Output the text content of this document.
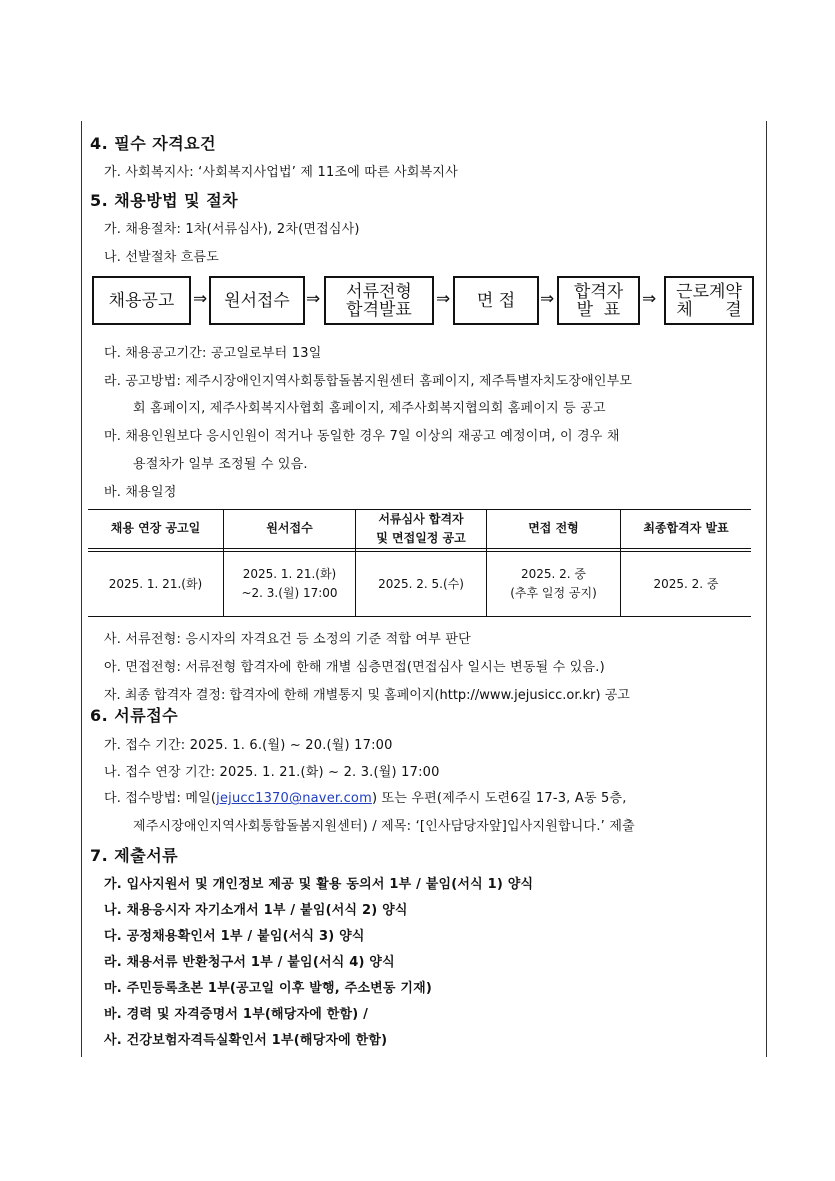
4. 필수 자격요건
가. 사회복지사: ‘사회복지사업법’ 제 11조에 따른 사회복지사
5. 채용방법 및 절차
가. 채용절차: 1차(서류심사), 2차(면접심사)
나. 선발절차 흐름도
채용공고 ⇒ 원서접수 ⇒ 서류전형
합격발표
⇒ 면 접 ⇒ 합격자
발  표
⇒ 근로계약
체      결
다. 채용공고기간: 공고일로부터 13일
라. 공고방법: 제주시장애인지역사회통합돌봄지원센터 홈페이지, 제주특별자치도장애인부모
회 홈페이지, 제주사회복지사협회 홈페이지, 제주사회복지협의회 홈페이지 등 공고
마. 채용인원보다 응시인원이 적거나 동일한 경우 7일 이상의 재공고 예정이며, 이 경우 채
용절차가 일부 조정될 수 있음.
바. 채용일정
채용 연장 공고일	원서접수
서류심사 합격자
및 면접일정 공고
면접 전형	최종합격자 발표
2025. 1. 21.(화)
2025. 1. 21.(화)
~2. 3.(월) 17:00
2025. 2. 5.(수)
2025. 2. 중
(추후 일정 공지)
2025. 2. 중
사. 서류전형: 응시자의 자격요건 등 소정의 기준 적합 여부 판단
아. 면접전형: 서류전형 합격자에 한해 개별 심층면접(면접심사 일시는 변동될 수 있음.)
자. 최종 합격자 결정: 합격자에 한해 개별통지 및 홈페이지(http://www.jejusicc.or.kr) 공고
6. 서류접수
가. 접수 기간: 2025. 1. 6.(월) ~ 20.(월) 17:00
나. 접수 연장 기간: 2025. 1. 21.(화) ~ 2. 3.(월) 17:00
다. 접수방법: 메일(jejucc1370@naver.com) 또는 우편(제주시 도련6길 17-3, A동 5층,
제주시장애인지역사회통합돌봄지원센터) / 제목: ‘[인사담당자앞]입사지원합니다.’ 제출
7. 제출서류
가. 입사지원서 및 개인정보 제공 및 활용 동의서 1부 / 붙임(서식 1) 양식
나. 채용응시자 자기소개서 1부 / 붙임(서식 2) 양식
다. 공정채용확인서 1부 / 붙임(서식 3) 양식
라. 채용서류 반환청구서 1부 / 붙임(서식 4) 양식
마. 주민등록초본 1부(공고일 이후 발행, 주소변동 기재)
바. 경력 및 자격증명서 1부(해당자에 한함) /
사. 건강보험자격득실확인서 1부(해당자에 한함)
